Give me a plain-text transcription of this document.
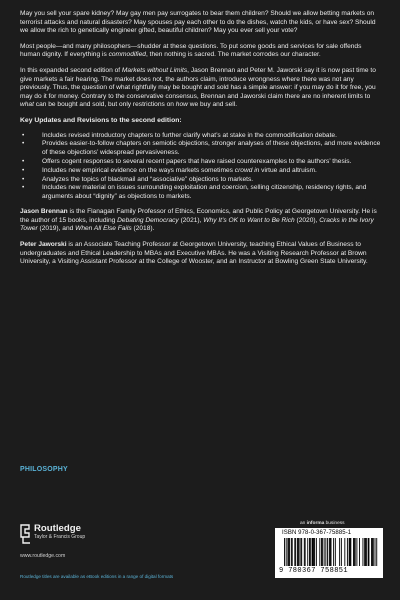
May you sell your spare kidney? May gay men pay surrogates to bear them children? Should we allow betting markets on terrorist attacks and natural disasters? May spouses pay each other to do the dishes, watch the kids, or have sex? Should we allow the rich to genetically engineer gifted, beautiful children? May you ever sell your vote?

Most people—and many philosophers—shudder at these questions. To put some goods and services for sale offends human dignity. If everything is commodified, then nothing is sacred. The market corrodes our character.

In this expanded second edition of Markets without Limits, Jason Brennan and Peter M. Jaworski say it is now past time to give markets a fair hearing. The market does not, the authors claim, introduce wrongness where there was not any previously. Thus, the question of what rightfully may be bought and sold has a simple answer: if you may do it for free, you may do it for money. Contrary to the conservative consensus, Brennan and Jaworski claim there are no inherent limits to what can be bought and sold, but only restrictions on how we buy and sell.

Key Updates and Revisions to the second edition:

• Includes revised introductory chapters to further clarify what’s at stake in the commodification debate.
• Provides easier-to-follow chapters on semiotic objections, stronger analyses of these objections, and more evidence of these objections’ widespread pervasiveness.
• Offers cogent responses to several recent papers that have raised counterexamples to the authors’ thesis.
• Includes new empirical evidence on the ways markets sometimes crowd in virtue and altruism.
• Analyzes the topics of blackmail and “associative” objections to markets.
• Includes new material on issues surrounding exploitation and coercion, selling citizenship, residency rights, and arguments about “dignity” as objections to markets.

Jason Brennan is the Flanagan Family Professor of Ethics, Economics, and Public Policy at Georgetown University. He is the author of 15 books, including Debating Democracy (2021), Why It’s OK to Want to Be Rich (2020), Cracks in the Ivory Tower (2019), and When All Else Fails (2018).

Peter Jaworski is an Associate Teaching Professor at Georgetown University, teaching Ethical Values of Business to undergraduates and Ethical Leadership to MBAs and Executive MBAs. He was a Visiting Research Professor at Brown University, a Visiting Assistant Professor at the College of Wooster, and an Instructor at Bowling Green State University.

PHILOSOPHY
Routledge
Taylor & Francis Group
www.routledge.com
Routledge titles are available as eBook editions in a range of digital formats
an informa business
ISBN 978-0-367-75885-1
9 780367 758851
